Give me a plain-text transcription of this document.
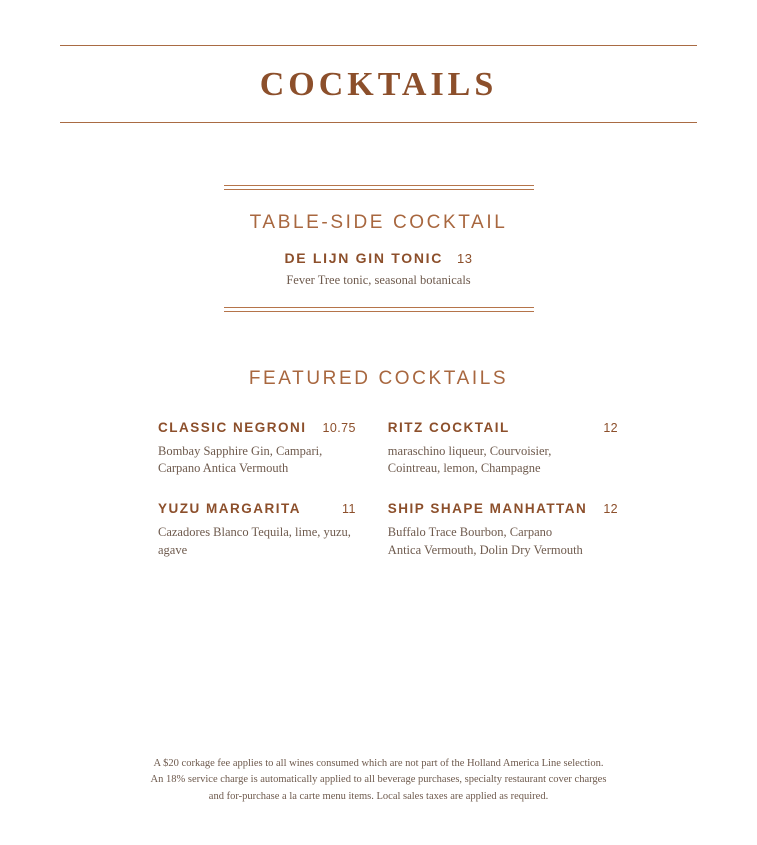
COCKTAILS
TABLE-SIDE COCKTAIL
DE LIJN GIN TONIC 13
Fever Tree tonic, seasonal botanicals
FEATURED COCKTAILS
CLASSIC NEGRONI	10.75
Bombay Sapphire Gin, Campari, Carpano Antica Vermouth
RITZ COCKTAIL	12
maraschino liqueur, Courvoisier, Cointreau, lemon, Champagne
YUZU MARGARITA	11
Cazadores Blanco Tequila, lime, yuzu, agave
SHIP SHAPE MANHATTAN	12
Buffalo Trace Bourbon, Carpano Antica Vermouth, Dolin Dry Vermouth
A $20 corkage fee applies to all wines consumed which are not part of the Holland America Line selection.
An 18% service charge is automatically applied to all beverage purchases, specialty restaurant cover charges
and for-purchase a la carte menu items. Local sales taxes are applied as required.
